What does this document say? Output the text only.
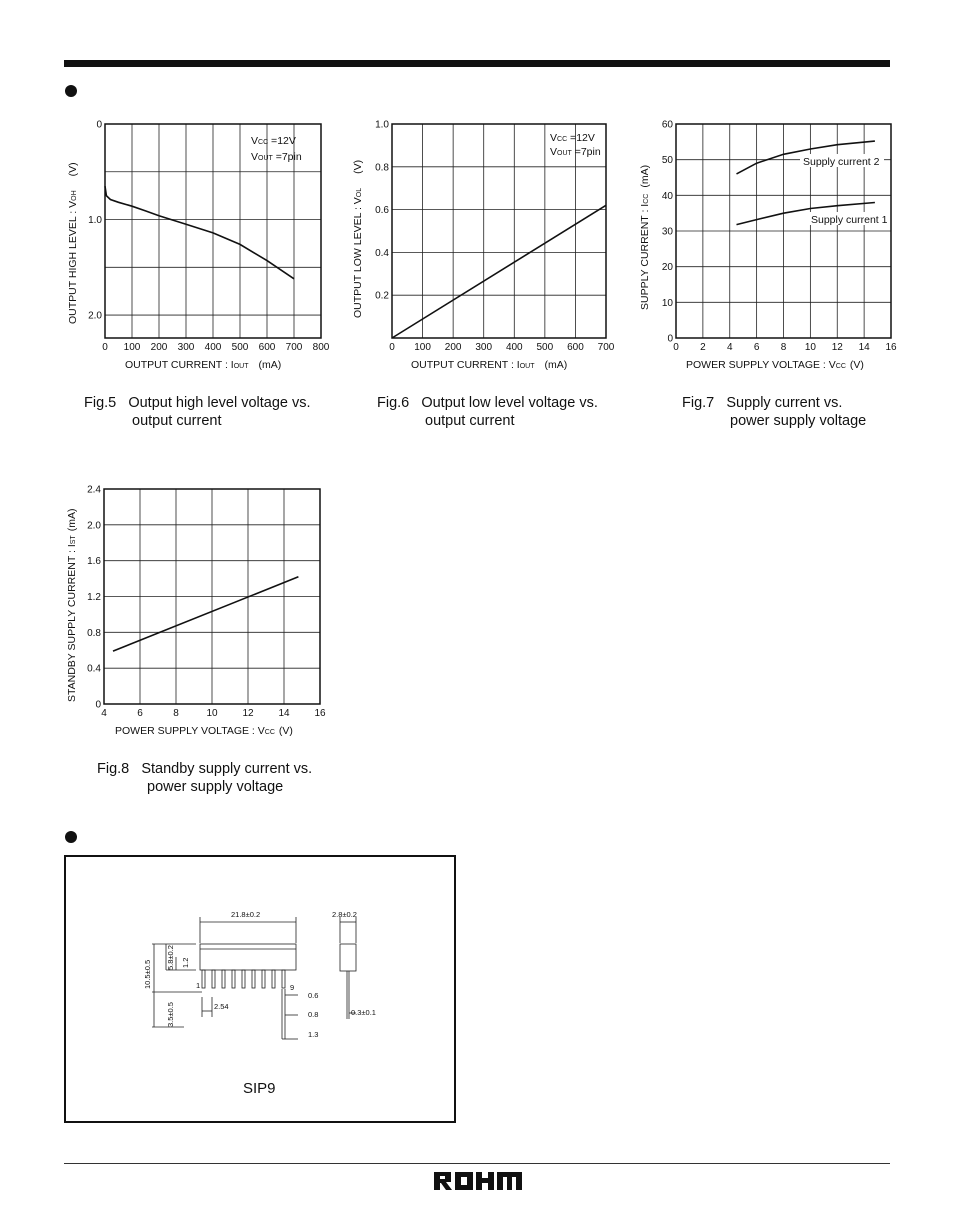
0 100 200 300 400 500 600 700 800
0
1.0
2.0
VCC =12V
VOUT =7pin
OUTPUT CURRENT : IOUT (mA)
OUTPUT HIGH LEVEL : VOH(V)
Fig.5 Output high level voltage vs.
output current
0 100 200 300 400 500 600 700
1.0
0.8
0.6
0.4
0.2
VCC =12V
VOUT =7pin
OUTPUT CURRENT : IOUT (mA)
OUTPUT LOW LEVEL : VOL(V)
Fig.6 Output low level voltage vs.
output current
Supply current 2
Supply current 1
0 2 4 6 8 10 12 14 16
60
50
40
30
20
10
0
POWER SUPPLY VOLTAGE : VCC (V)
SUPPLY CURRENT : ICC(mA)
Fig.7 Supply current vs.
power supply voltage
4	6	8	10 12 14 16
2.4
2.0
1.6
1.2
0.8
0.4
0
POWER SUPPLY VOLTAGE : VCC (V)
STANDBY SUPPLY CURRENT : IST(mA)
Fig.8 Standby supply current vs.
power supply voltage
21.8±0.2	2.8±0.2
10.5±0.5
5.8±0.2 1.2
3.5±0.5	2.54
0.6
0.8
1.3
0.3±0.1
1	9
SIP9
